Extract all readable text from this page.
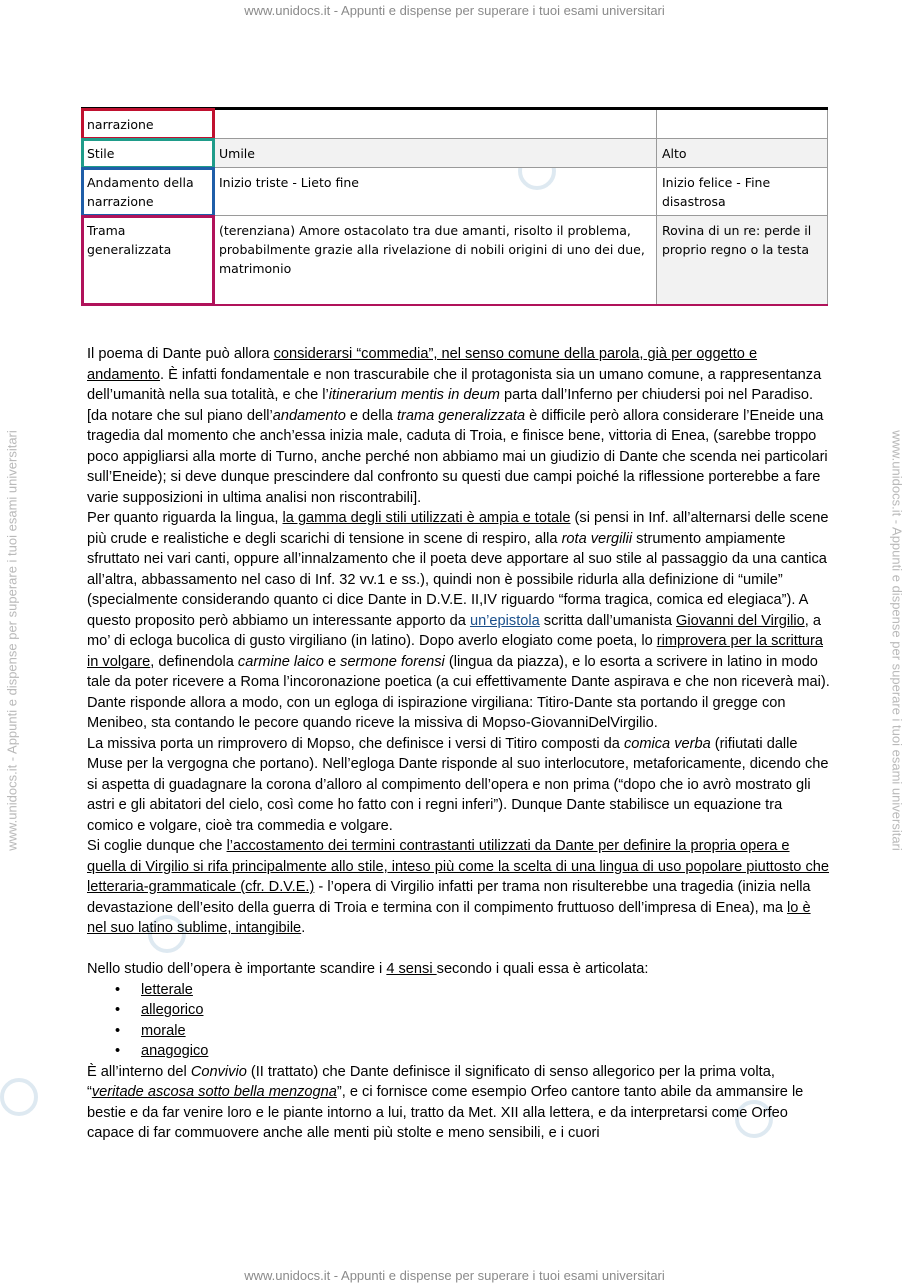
www.unidocs.it - Appunti e dispense per superare i tuoi esami universitari
www.unidocs.it - Appunti e dispense per superare i tuoi esami universitari
www.unidocs.it - Appunti e dispense per superare i tuoi esami universitari	www.unidocs.it - Appunti e dispense per superare i tuoi esami universitari
narrazione		
Stile	Umile	Alto
Andamento della narrazione	Inizio triste - Lieto fine	Inizio felice - Fine disastrosa
Trama generalizzata	(terenziana) Amore ostacolato tra due amanti, risolto il problema, probabilmente grazie alla rivelazione di nobili origini di uno dei due, matrimonio	Rovina di un re: perde il proprio regno o la testa

Il poema di Dante può allora considerarsi “commedia”, nel senso comune della parola, già per oggetto e andamento. È infatti fondamentale e non trascurabile che il protagonista sia un umano comune, a rappresentanza dell’umanità nella sua totalità, e che l’itinerarium mentis in deum parta dall’Inferno per chiudersi poi nel Paradiso. [da notare che sul piano dell’andamento e della trama generalizzata è difficile però allora considerare l’Eneide una tragedia dal momento che anch’essa inizia male, caduta di Troia, e finisce bene, vittoria di Enea, (sarebbe troppo poco appigliarsi alla morte di Turno, anche perché non abbiamo mai un giudizio di Dante che scenda nei particolari sull’Eneide); si deve dunque prescindere dal confronto su questi due campi poiché la riflessione porterebbe a fare varie supposizioni in ultima analisi non riscontrabili].

Per quanto riguarda la lingua, la gamma degli stili utilizzati è ampia e totale (si pensi in Inf. all’alternarsi delle scene più crude e realistiche e degli scarichi di tensione in scene di respiro, alla rota vergilii strumento ampiamente sfruttato nei vari canti, oppure all’innalzamento che il poeta deve apportare al suo stile al passaggio da una cantica all’altra, abbassamento nel caso di Inf. 32 vv.1 e ss.), quindi non è possibile ridurla alla definizione di “umile” (specialmente considerando quanto ci dice Dante in D.V.E. II,IV riguardo “forma tragica, comica ed elegiaca”). A questo proposito però abbiamo un interessante apporto da un’epistola scritta dall’umanista Giovanni del Virgilio, a mo’ di ecloga bucolica di gusto virgiliano (in latino). Dopo averlo elogiato come poeta, lo rimprovera per la scrittura in volgare, definendola carmine laico e sermone forensi (lingua da piazza), e lo esorta a scrivere in latino in modo tale da poter ricevere a Roma l’incoronazione poetica (a cui effettivamente Dante aspirava e che non riceverà mai).

Dante risponde allora a modo, con un egloga di ispirazione virgiliana: Titiro-Dante sta portando il gregge con Menibeo, sta contando le pecore quando riceve la missiva di Mopso-GiovanniDelVirgilio.

La missiva porta un rimprovero di Mopso, che definisce i versi di Titiro composti da comica verba (rifiutati dalle Muse per la vergogna che portano). Nell’egloga Dante risponde al suo interlocutore, metaforicamente, dicendo che si aspetta di guadagnare la corona d’alloro al compimento dell’opera e non prima (“dopo che io avrò mostrato gli astri e gli abitatori del cielo, così come ho fatto con i regni inferi”). Dunque Dante stabilisce un equazione tra comico e volgare, cioè tra commedia e volgare.

Si coglie dunque che l’accostamento dei termini contrastanti utilizzati da Dante per definire la propria opera e quella di Virgilio si rifa principalmente allo stile, inteso più come la scelta di una lingua di uso popolare piuttosto che letteraria-grammaticale (cfr. D.V.E.) - l’opera di Virgilio infatti per trama non risulterebbe una tragedia (inizia nella devastazione dell’esito della guerra di Troia e termina con il compimento fruttuoso dell’impresa di Enea), ma lo è nel suo latino sublime, intangibile.

Nello studio dell’opera è importante scandire i 4 sensi secondo i quali essa è articolata:

• letterale
• allegorico
• morale
• anagogico

È all’interno del Convivio (II trattato) che Dante definisce il significato di senso allegorico per la prima volta, “veritade ascosa sotto bella menzogna”, e ci fornisce come esempio Orfeo cantore tanto abile da ammansire le bestie e da far venire loro e le piante intorno a lui, tratto da Met. XII alla lettera, e da interpretarsi come Orfeo capace di far commuovere anche alle menti più stolte e meno sensibili, e i cuori
